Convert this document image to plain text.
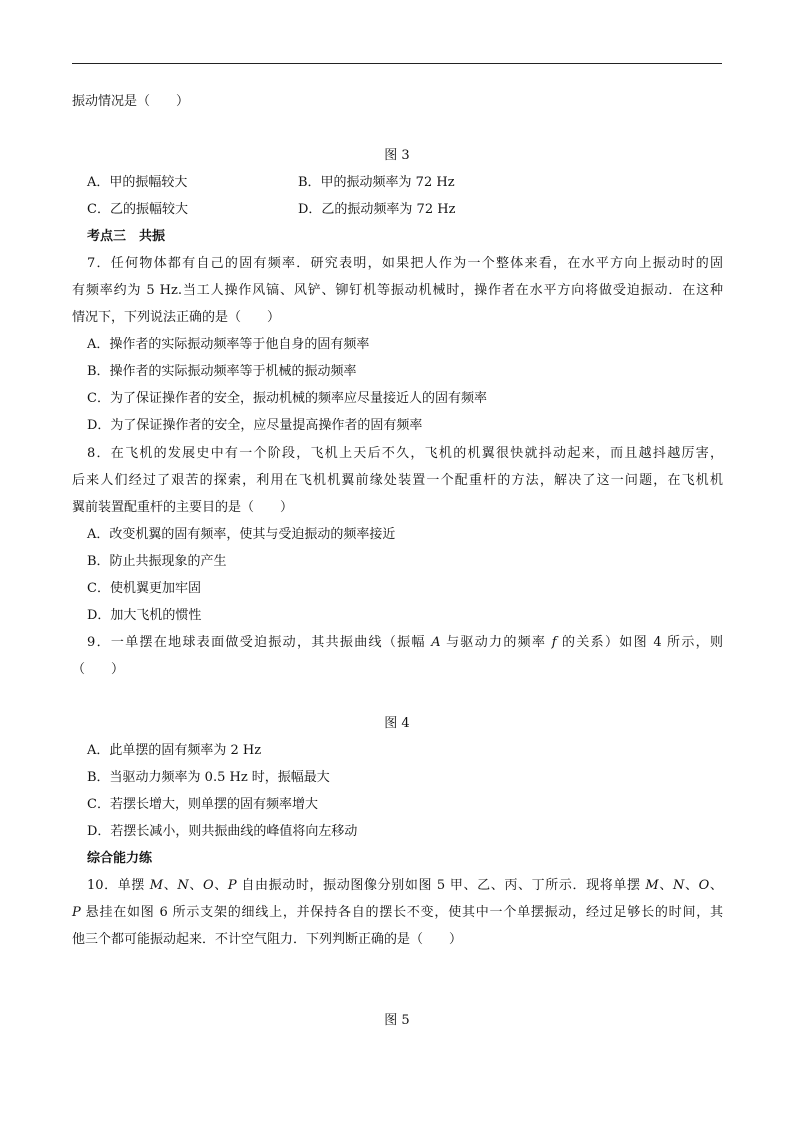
振动情况是（　　）
图 3
A．甲的振幅较大	B．甲的振动频率为 72 Hz
C．乙的振幅较大	D．乙的振动频率为 72 Hz
考点三　共振
7．任何物体都有自己的固有频率．研究表明，如果把人作为一个整体来看，在水平方向上振动时的固
有频率约为 5 Hz.当工人操作风镐、风铲、铆钉机等振动机械时，操作者在水平方向将做受迫振动．在这种
情况下，下列说法正确的是（　　）
A．操作者的实际振动频率等于他自身的固有频率
B．操作者的实际振动频率等于机械的振动频率
C．为了保证操作者的安全，振动机械的频率应尽量接近人的固有频率
D．为了保证操作者的安全，应尽量提高操作者的固有频率
8．在飞机的发展史中有一个阶段，飞机上天后不久，飞机的机翼很快就抖动起来，而且越抖越厉害，
后来人们经过了艰苦的探索，利用在飞机机翼前缘处装置一个配重杆的方法，解决了这一问题，在飞机机
翼前装置配重杆的主要目的是（　　）
A．改变机翼的固有频率，使其与受迫振动的频率接近
B．防止共振现象的产生
C．使机翼更加牢固
D．加大飞机的惯性
9．一单摆在地球表面做受迫振动，其共振曲线（振幅 A 与驱动力的频率 f 的关系）如图 4 所示，则
（　　）
图 4
A．此单摆的固有频率为 2 Hz
B．当驱动力频率为 0.5 Hz 时，振幅最大
C．若摆长增大，则单摆的固有频率增大
D．若摆长减小，则共振曲线的峰值将向左移动
综合能力练
10．单摆 M、N、O、P 自由振动时，振动图像分别如图 5 甲、乙、丙、丁所示．现将单摆 M、N、O、
P 悬挂在如图 6 所示支架的细线上，并保持各自的摆长不变，使其中一个单摆振动，经过足够长的时间，其
他三个都可能振动起来．不计空气阻力．下列判断正确的是（　　）
图 5
